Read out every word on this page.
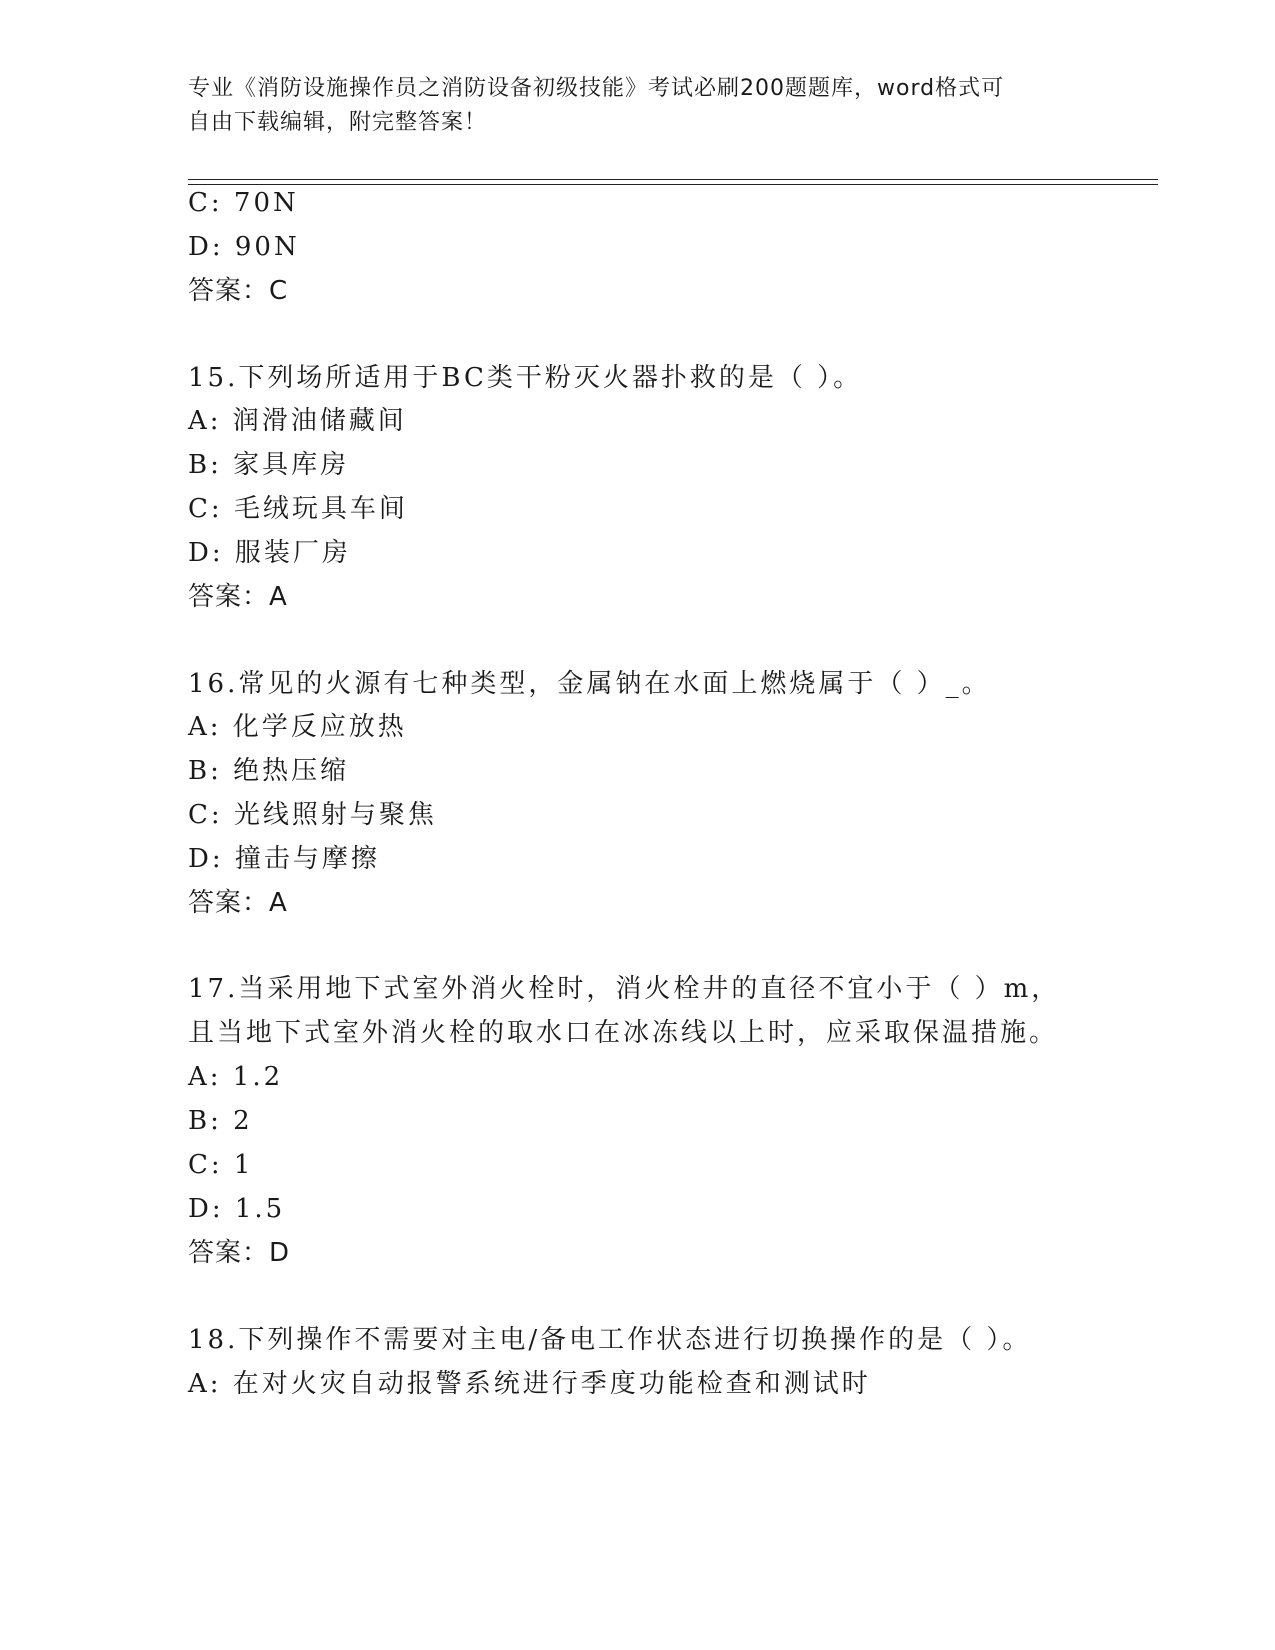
专业《消防设施操作员之消防设备初级技能》考试必刷200题题库，word格式可
自由下载编辑，附完整答案！
C: 70N
D: 90N
答案：C
15.下列场所适用于BC类干粉灭火器扑救的是（ ）。
A: 润滑油储藏间
B: 家具库房
C: 毛绒玩具车间
D: 服装厂房
答案：A
16.常见的火源有七种类型，金属钠在水面上燃烧属于（ ）_。
A: 化学反应放热
B: 绝热压缩
C: 光线照射与聚焦
D: 撞击与摩擦
答案：A
17.当采用地下式室外消火栓时，消火栓井的直径不宜小于（ ）m，
且当地下式室外消火栓的取水口在冰冻线以上时，应采取保温措施。
A: 1.2
B: 2
C: 1
D: 1.5
答案：D
18.下列操作不需要对主电/备电工作状态进行切换操作的是（ ）。
A: 在对火灾自动报警系统进行季度功能检查和测试时
